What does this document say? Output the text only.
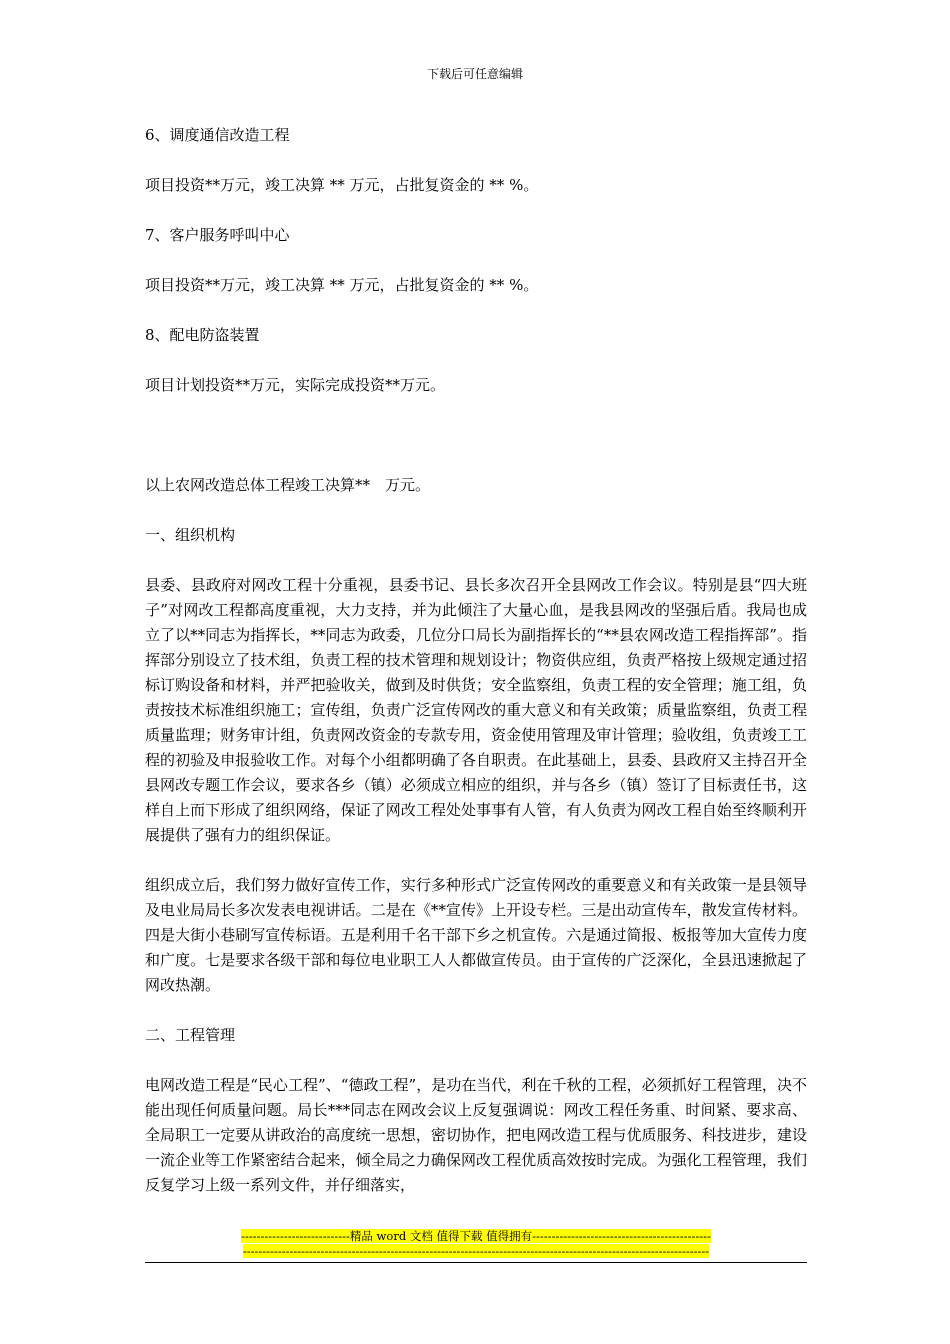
下载后可任意编辑

6、调度通信改造工程

项目投资**万元，竣工决算 ** 万元，占批复资金的 ** %。

7、客户服务呼叫中心

项目投资**万元，竣工决算 ** 万元，占批复资金的 ** %。

8、配电防盗装置

项目计划投资**万元，实际完成投资**万元。

以上农网改造总体工程竣工决算**　万元。

一、组织机构

县委、县政府对网改工程十分重视，县委书记、县长多次召开全县网改工作会议。特别是县“四大班子”对网改工程都高度重视，大力支持，并为此倾注了大量心血，是我县网改的坚强后盾。我局也成立了以**同志为指挥长，**同志为政委，几位分口局长为副指挥长的“**县农网改造工程指挥部”。指挥部分别设立了技术组，负责工程的技术管理和规划设计；物资供应组，负责严格按上级规定通过招标订购设备和材料，并严把验收关，做到及时供货；安全监察组，负责工程的安全管理；施工组，负责按技术标准组织施工；宣传组，负责广泛宣传网改的重大意义和有关政策；质量监察组，负责工程质量监理；财务审计组，负责网改资金的专款专用，资金使用管理及审计管理；验收组，负责竣工工程的初验及申报验收工作。对每个小组都明确了各自职责。在此基础上，县委、县政府又主持召开全县网改专题工作会议，要求各乡（镇）必须成立相应的组织，并与各乡（镇）签订了目标责任书，这样自上而下形成了组织网络，保证了网改工程处处事事有人管，有人负责为网改工程自始至终顺利开展提供了强有力的组织保证。

组织成立后，我们努力做好宣传工作，实行多种形式广泛宣传网改的重要意义和有关政策一是县领导及电业局局长多次发表电视讲话。二是在《**宣传》上开设专栏。三是出动宣传车，散发宣传材料。四是大街小巷刷写宣传标语。五是利用千名干部下乡之机宣传。六是通过简报、板报等加大宣传力度和广度。七是要求各级干部和每位电业职工人人都做宣传员。由于宣传的广泛深化，全县迅速掀起了网改热潮。

二、工程管理

电网改造工程是“民心工程”、“德政工程”，是功在当代，利在千秋的工程，必须抓好工程管理，决不能出现任何质量问题。局长***同志在网改会议上反复强调说：网改工程任务重、时间紧、要求高、全局职工一定要从讲政治的高度统一思想，密切协作，把电网改造工程与优质服务、科技进步，建设一流企业等工作紧密结合起来，倾全局之力确保网改工程优质高效按时完成。为强化工程管理，我们反复学习上级一系列文件，并仔细落实，

----------------------------精品 word 文档 值得下载 值得拥有----------------------------------------------
------------------------------------------------------------------------------------------------------------------------
